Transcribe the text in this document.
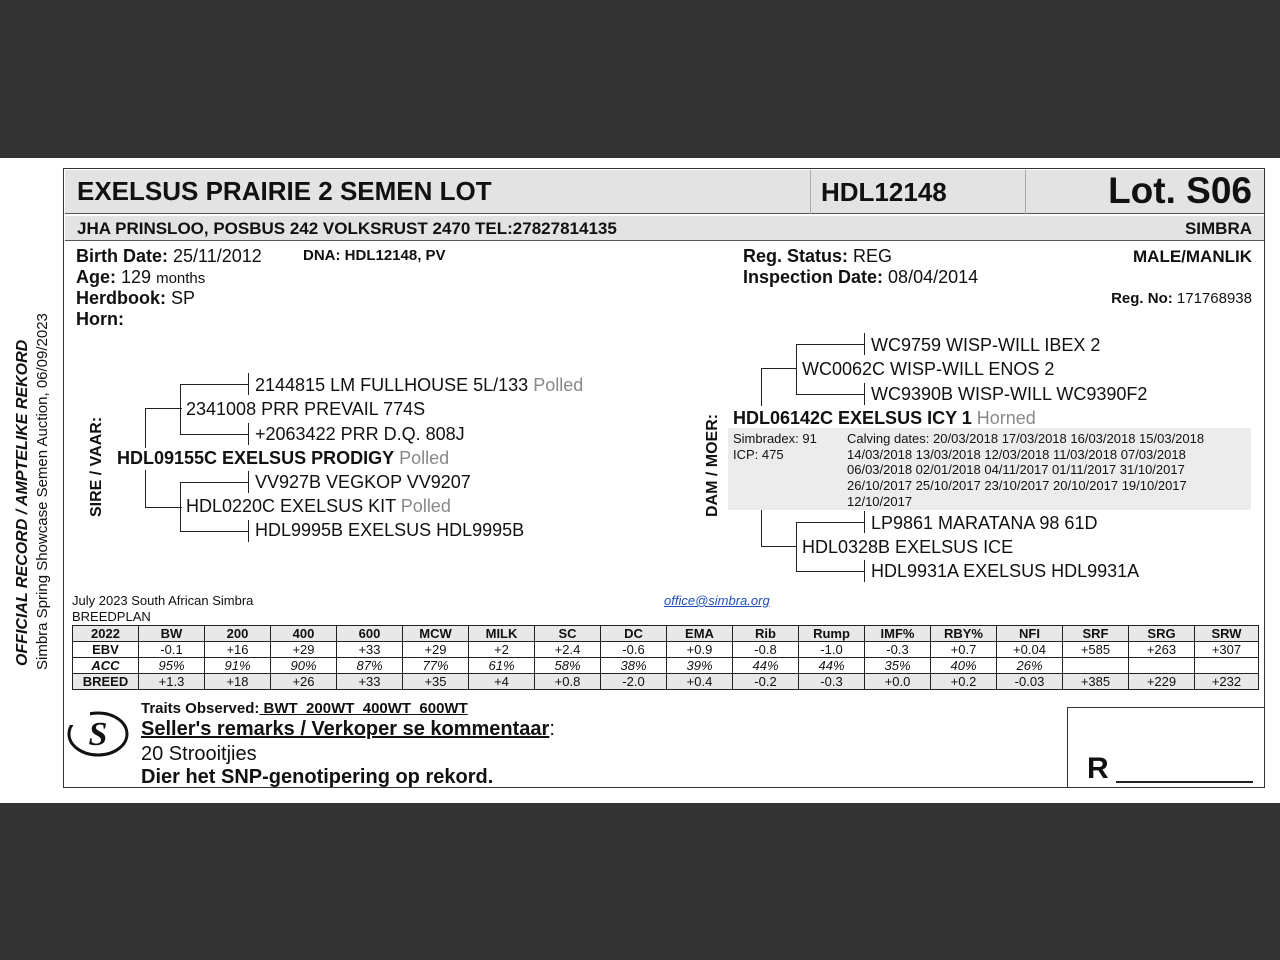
OFFICIAL RECORD / AMPTELIKE REKORD Simbra Spring Showcase Semen Auction, 06/09/2023
EXELSUS PRAIRIE 2 SEMEN LOT	HDL12148	Lot. S06
JHA PRINSLOO, POSBUS 242 VOLKSRUST 2470 TEL:27827814135	SIMBRA
Birth Date: 25/11/2012	DNA: HDL12148, PV
Age: 129 months
Herdbook: SP
Horn:
Reg. Status: REG
Inspection Date: 08/04/2014
MALE/MANLIK
Reg. No: 171768938
SIRE / VAAR:
2144815 LM FULLHOUSE 5L/133 Polled
2341008 PRR PREVAIL 774S
+2063422 PRR D.Q. 808J
HDL09155C EXELSUS PRODIGY Polled
VV927B VEGKOP VV9207
HDL0220C EXELSUS KIT Polled
HDL9995B EXELSUS HDL9995B
DAM / MOER:
WC9759 WISP-WILL IBEX 2
WC0062C WISP-WILL ENOS 2
WC9390B WISP-WILL WC9390F2
HDL06142C EXELSUS ICY 1 Horned
Simbradex: 91
ICP: 475
Calving dates: 20/03/2018 17/03/2018 16/03/2018 15/03/2018
14/03/2018 13/03/2018 12/03/2018 11/03/2018 07/03/2018
06/03/2018 02/01/2018 04/11/2017 01/11/2017 31/10/2017
26/10/2017 25/10/2017 23/10/2017 20/10/2017 19/10/2017
12/10/2017
LP9861 MARATANA 98 61D
HDL0328B EXELSUS ICE
HDL9931A EXELSUS HDL9931A
July 2023 South African Simbra
BREEDPLAN
office@simbra.org
2022	BW	200	400	600	MCW	MILK	SC	DC	EMA	Rib	Rump	IMF%	RBY%	NFI	SRF	SRG	SRW
EBV	-0.1	+16	+29	+33	+29	+2	+2.4	-0.6	+0.9	-0.8	-1.0	-0.3	+0.7	+0.04	+585	+263	+307
ACC	95%	91%	90%	87%	77%	61%	58%	38%	39%	44%	44%	35%	40%	26%			
BREED	+1.3	+18	+26	+33	+35	+4	+0.8	-2.0	+0.4	-0.2	-0.3	+0.0	+0.2	-0.03	+385	+229	+232
S
Traits Observed: BWT  200WT  400WT  600WT
Seller's remarks / Verkoper se kommentaar:
20 Strooitjies
Dier het SNP-genotipering op rekord.	R
